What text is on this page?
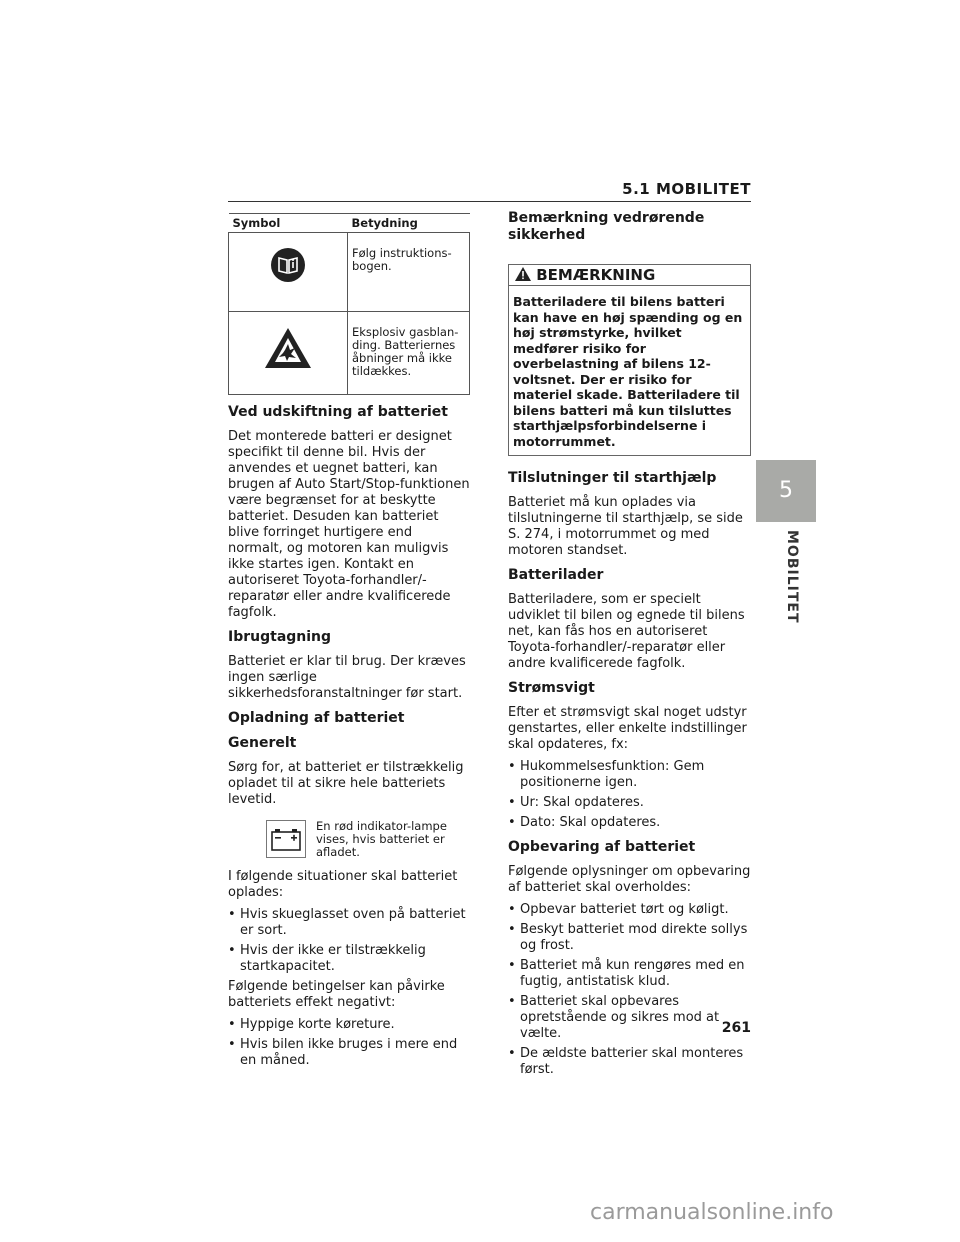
5.1 MOBILITET
5
MOBILITET
Symbol	Betydning
	Følg instruktions-bogen.
	Eksplosiv gasblan-ding. Batteriernes åbninger må ikke tildækkes.
Ved udskiftning af batteriet

Det monterede batteri er designet specifikt til denne bil. Hvis der anvendes et uegnet batteri, kan brugen af Auto Start/Stop-funktionen være begrænset for at beskytte batteriet. Desuden kan batteriet blive forringet hurtigere end normalt, og motoren kan muligvis ikke startes igen. Kontakt en autoriseret Toyota-forhandler/-reparatør eller andre kvalificerede fagfolk.

Ibrugtagning

Batteriet er klar til brug. Der kræves ingen særlige sikkerhedsforanstaltninger før start.

Opladning af batteriet
Generelt

Sørg for, at batteriet er tilstrækkelig opladet til at sikre hele batteriets levetid.

En rød indikator-lampe vises, hvis batteriet er afladet.

I følgende situationer skal batteriet oplades:

• Hvis skueglasset oven på batteriet er sort.
• Hvis der ikke er tilstrækkelig startkapacitet.

Følgende betingelser kan påvirke batteriets effekt negativt:

• Hyppige korte køreture.
• Hvis bilen ikke bruges i mere end en måned.
Bemærkning vedrørende sikkerhed
BEMÆRKNING
Batteriladere til bilens batteri kan have en høj spænding og en høj strømstyrke, hvilket medfører risiko for overbelastning af bilens 12-voltsnet. Der er risiko for materiel skade. Batteriladere til bilens batteri må kun tilsluttes starthjælpsforbindelserne i motorrummet.
Tilslutninger til starthjælp

Batteriet må kun oplades via tilslutningerne til starthjælp, se side S. 274, i motorrummet og med motoren standset.

Batterilader

Batteriladere, som er specielt udviklet til bilen og egnede til bilens net, kan fås hos en autoriseret Toyota-forhandler/-reparatør eller andre kvalificerede fagfolk.

Strømsvigt

Efter et strømsvigt skal noget udstyr genstartes, eller enkelte indstillinger skal opdateres, fx:

• Hukommelsesfunktion: Gem positionerne igen.
• Ur: Skal opdateres.
• Dato: Skal opdateres.
Opbevaring af batteriet

Følgende oplysninger om opbevaring af batteriet skal overholdes:

• Opbevar batteriet tørt og køligt.
• Beskyt batteriet mod direkte sollys og frost.
• Batteriet må kun rengøres med en fugtig, antistatisk klud.
• Batteriet skal opbevares opretstående og sikres mod at vælte.
• De ældste batterier skal monteres først.
261
carmanualsonline.info
